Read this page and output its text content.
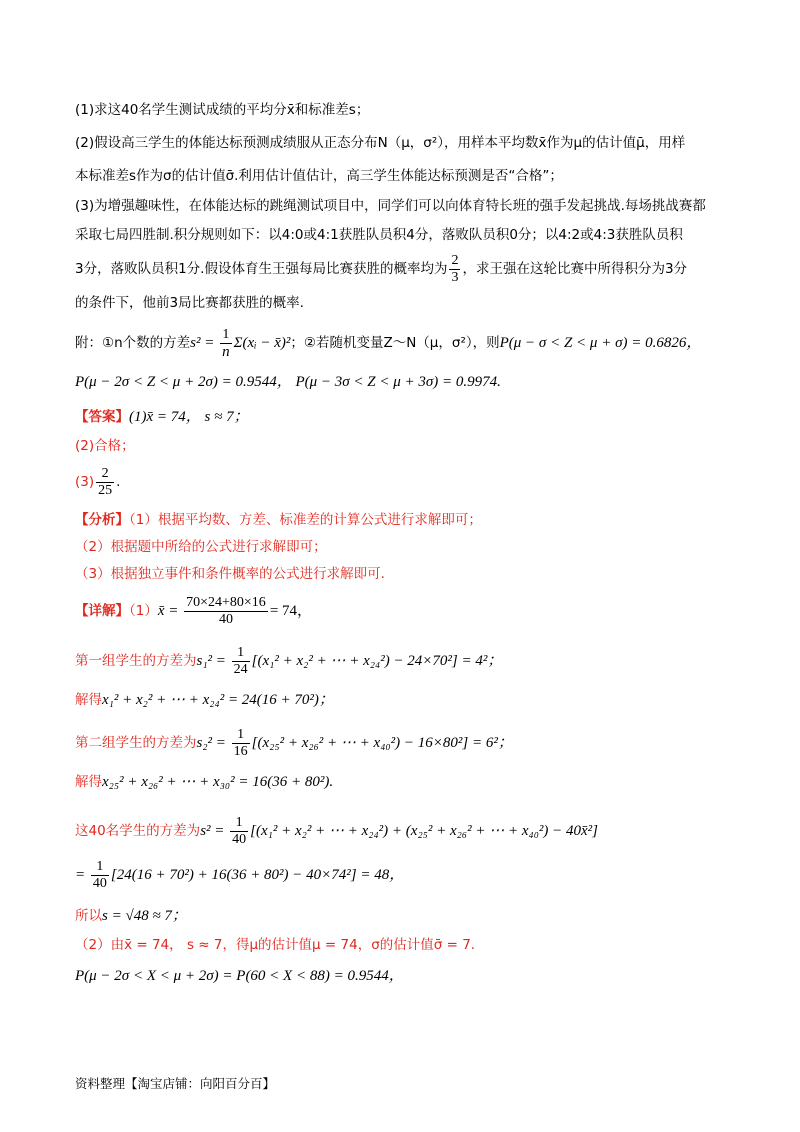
(1)求这40名学生测试成绩的平均分x̄和标准差s；
(2)假设高三学生的体能达标预测成绩服从正态分布N（μ，σ²），用样本平均数x̄作为μ的估计值μ̄，用样
本标准差s作为σ的估计值σ̄.利用估计值估计，高三学生体能达标预测是否“合格”；
(3)为增强趣味性，在体能达标的跳绳测试项目中，同学们可以向体育特长班的强手发起挑战.每场挑战赛都
采取七局四胜制.积分规则如下：以4:0或4:1获胜队员积4分，落败队员积0分；以4:2或4:3获胜队员积
3分，落败队员积1分.假设体育生王强每局比赛获胜的概率均为 $\frac{2}{3}$ ，求王强在这轮比赛中所得积分为3分
的条件下，他前3局比赛都获胜的概率.
附：①n个数的方差$s^2 = \frac{1}{n}$ Σ(xᵢ − x̄)²；②若随机变量Z～N（μ，σ²），则P(μ − σ < Z < μ + σ) = 0.6826，
P(μ − 2σ < Z < μ + 2σ) = 0.9544， P(μ − 3σ < Z < μ + 3σ) = 0.9974.
【答案】(1)x̄ = 74， s ≈ 7；
(2)合格；
$(3) \frac{2}{25}$ .
【分析】（1）根据平均数、方差、标准差的计算公式进行求解即可；
（2）根据题中所给的公式进行求解即可；
（3）根据独立事件和条件概率的公式进行求解即可.
【详解】（1）x̄ = $\frac{70\times 24+80\times 16}{40} = 74$，
第一组学生的方差为$s_1^2 = \frac{1}{24} [(x_1^2 + x_2^2$ + ⋯ + x₂₄²) − 24×70²] = 4²；
解得x₁² + x₂² + ⋯ + x₂₄² = 24(16 + 70²)；
第二组学生的方差为$s_2^2 = \frac{1}{16} [(x_{25}^2 + x_{26}^2$ + ⋯ + x₄₀²) − 16×80²] = 6²；
解得x₂₅² + x₂₆² + ⋯ + x₃₀² = 16(36 + 80²).
这40名学生的方差为$s^2 = \frac{1}{40} [(x_1^2 + x_2^2$ + ⋯ + x₂₄²) + (x₂₅² + x₂₆² + ⋯ + x₄₀²) − 40x̄²]
= $\frac{1}{40} [24(16 + 70^2) + 16(36 + 80^2) - 40\times 74^2] = 48$，
所以s = √48 ≈ 7；
（2）由x̄ = 74， s ≈ 7，得μ的估计值μ = 74，σ的估计值σ̄ = 7.
P(μ − 2σ < X < μ + 2σ) = P(60 < X < 88) = 0.9544，
资料整理【淘宝店铺：向阳百分百】
